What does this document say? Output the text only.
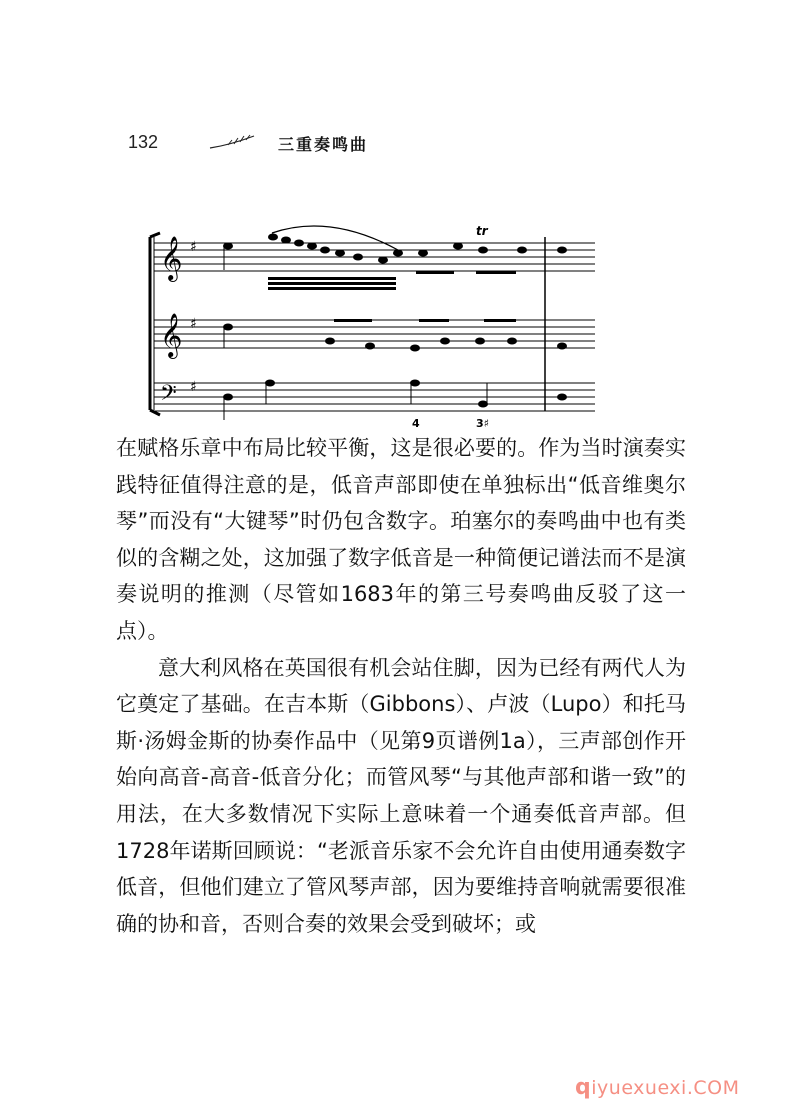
132	三重奏鸣曲
𝄞
𝄞
𝄢
♯
♯
♯
tr
4	3♯

在赋格乐章中布局比较平衡，这是很必要的。作为当时演奏实践特征值得注意的是，低音声部即使在单独标出“低音维奥尔琴”而没有“大键琴”时仍包含数字。珀塞尔的奏鸣曲中也有类似的含糊之处，这加强了数字低音是一种简便记谱法而不是演奏说明的推测（尽管如1683年的第三号奏鸣曲反驳了这一点）。

意大利风格在英国很有机会站住脚，因为已经有两代人为它奠定了基础。在吉本斯（Gibbons）、卢波（Lupo）和托马斯·汤姆金斯的协奏作品中（见第9页谱例1a），三声部创作开始向高音-高音-低音分化；而管风琴“与其他声部和谐一致”的用法，在大多数情况下实际上意味着一个通奏低音声部。但1728年诺斯回顾说：“老派音乐家不会允许自由使用通奏数字低音，但他们建立了管风琴声部，因为要维持音响就需要很准确的协和音，否则合奏的效果会受到破坏；或

qiyuexuexi.COM
